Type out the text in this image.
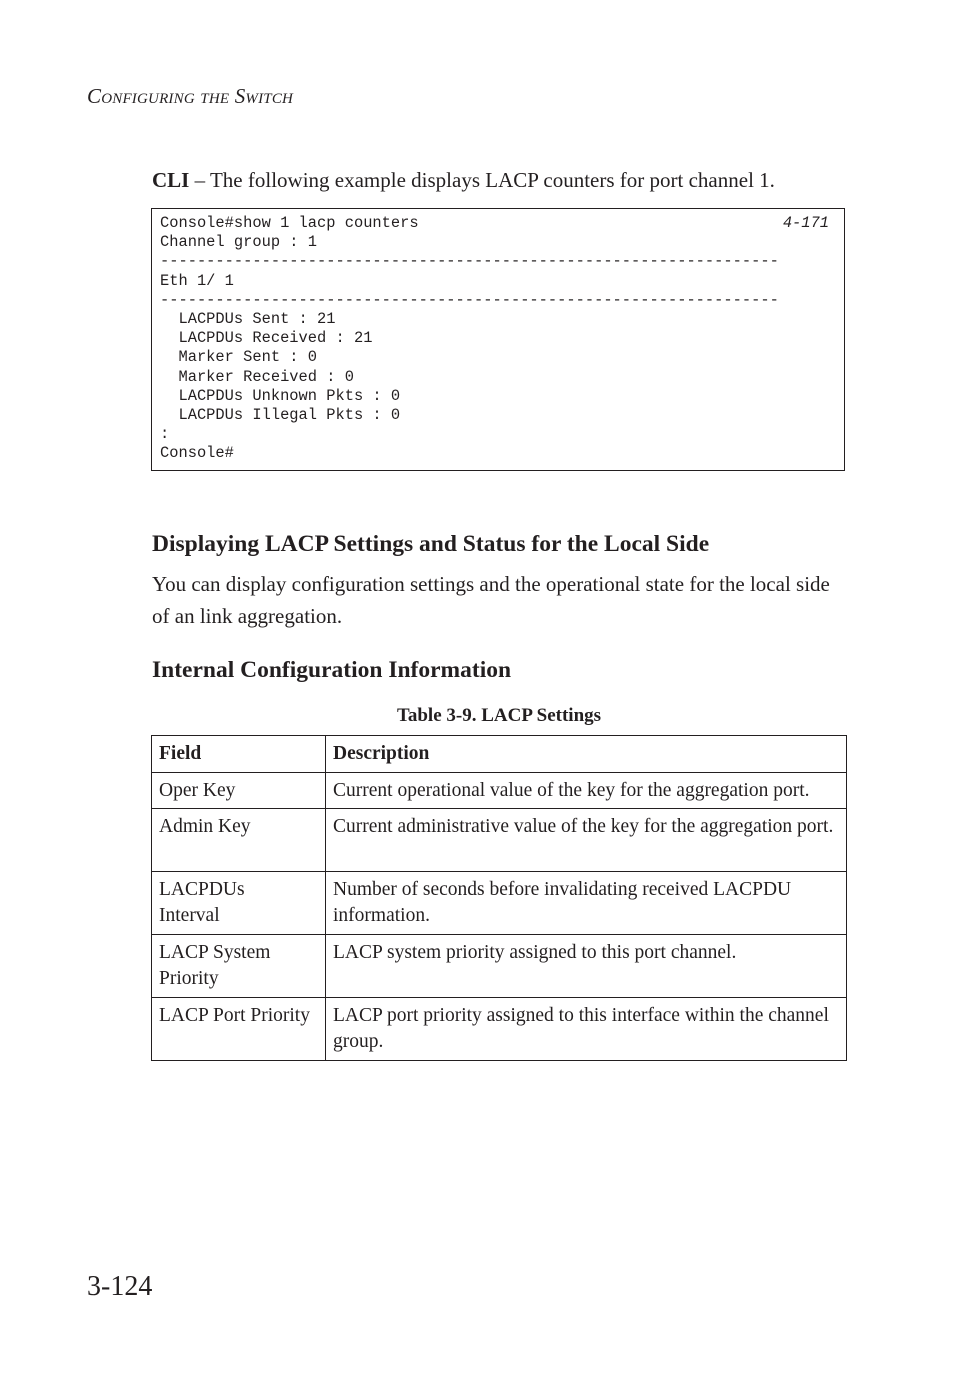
Configuring the Switch

CLI – The following example displays LACP counters for port channel 1.

Console#show 1 lacp counters
Channel group : 1
-------------------------------------------------------------------
Eth 1/ 1
-------------------------------------------------------------------
LACPDUs Sent : 21
LACPDUs Received : 21
Marker Sent : 0
Marker Received : 0
LACPDUs Unknown Pkts : 0
LACPDUs Illegal Pkts : 0
:
Console#
4-171
Displaying LACP Settings and Status for the Local Side

You can display configuration settings and the operational state for the local side of an link aggregation.

Internal Configuration Information
Table 3-9. LACP Settings
Field	Description
Oper Key	Current operational value of the key for the aggregation port.
Admin Key	Current administrative value of the key for the aggregation port.

LACPDUs Interval	Number of seconds before invalidating received LACPDU information.

LACP System Priority	LACP system priority assigned to this port channel.
LACP Port Priority	LACP port priority assigned to this interface within the channel group.
3-124
